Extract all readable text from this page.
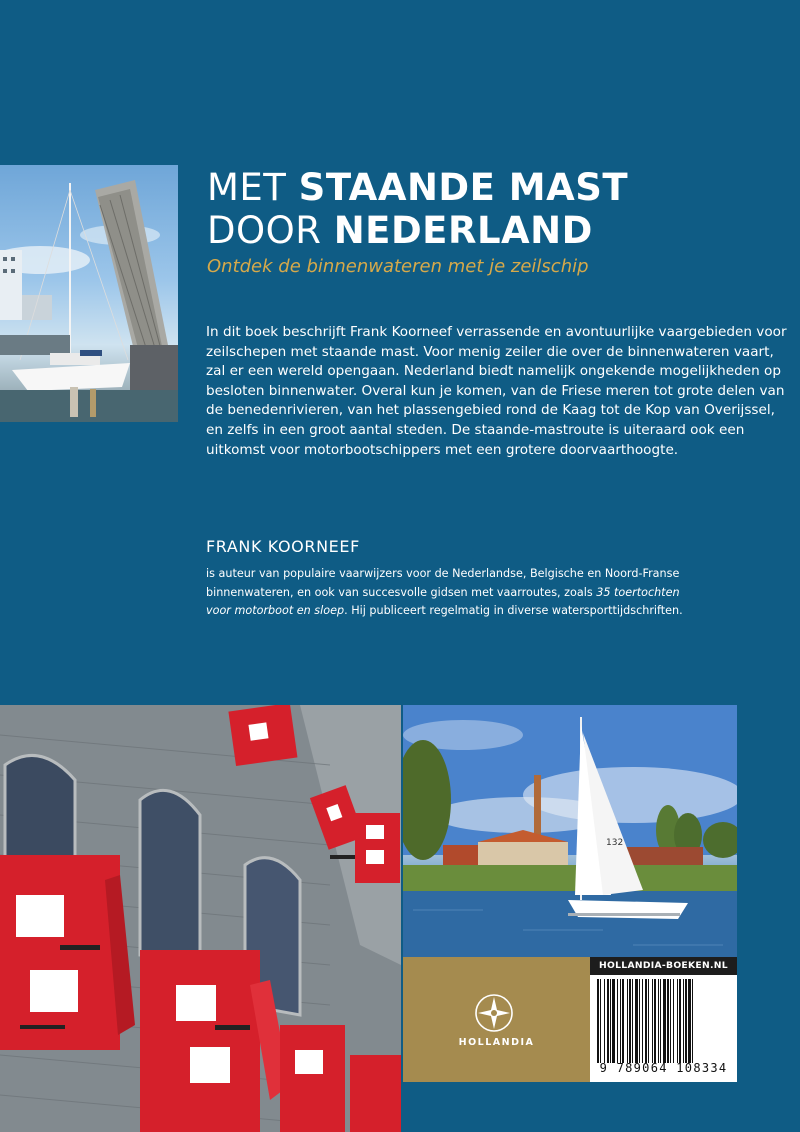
MET STAANDE MAST
DOOR NEDERLAND
Ontdek de binnenwateren met je zeilschip

In dit boek beschrijft Frank Koorneef verrassende en avontuurlijke vaargebieden voor zeilschepen met staande mast. Voor menig zeiler die over de binnenwateren vaart, zal er een wereld opengaan. Nederland biedt namelijk ongekende mogelijkheden op besloten binnenwater. Overal kun je komen, van de Friese meren tot grote delen van de benedenrivieren, van het plassengebied rond de Kaag tot de Kop van Overijssel, en zelfs in een groot aantal steden. De staande-mastroute is uiteraard ook een uitkomst voor motorbootschippers met een grotere doorvaarthoogte.

FRANK KOORNEEF

is auteur van populaire vaarwijzers voor de Nederlandse, Belgische en Noord-Franse binnenwateren, en ook van succesvolle gidsen met vaarroutes, zoals 35 toertochten voor motorboot en sloep. Hij publiceert regelmatig in diverse watersporttijdschriften.

132
HOLLANDIA
HOLLANDIA-BOEKEN.NL
9 789064 108334
